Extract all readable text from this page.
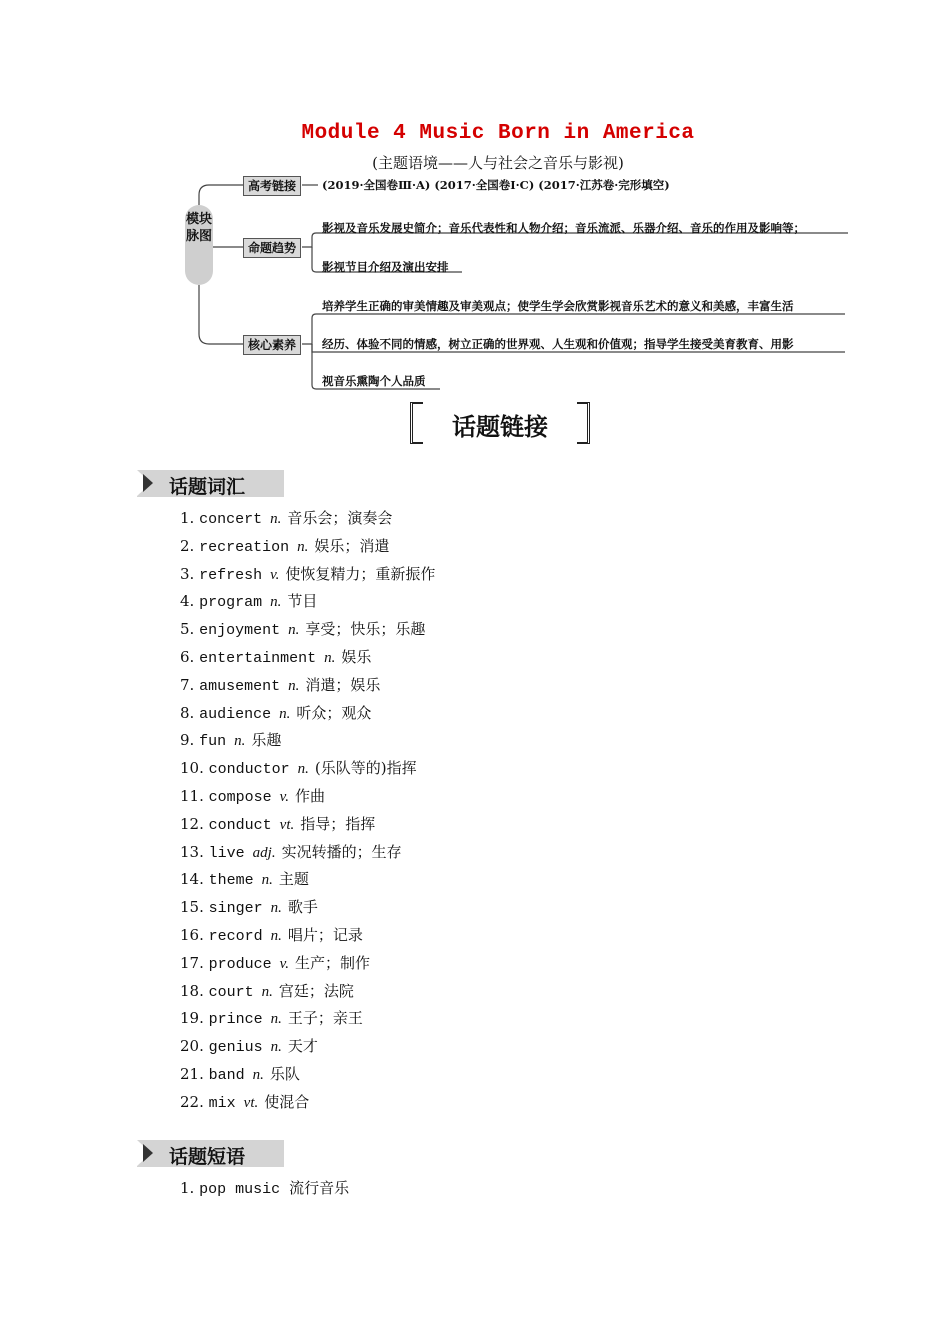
Module 4 Music Born in America
(主题语境——人与社会之音乐与影视)
模块脉图
高考链接	(2019·全国卷Ⅲ·A) (2017·全国卷Ⅰ·C) (2017·江苏卷·完形填空)
命题趋势
影视及音乐发展史简介；音乐代表性和人物介绍；音乐流派、乐器介绍、音乐的作用及影响等；
影视节目介绍及演出安排
核心素养
培养学生正确的审美情趣及审美观点；使学生学会欣赏影视音乐艺术的意义和美感，丰富生活
经历、体验不同的情感，树立正确的世界观、人生观和价值观；指导学生接受美育教育、用影
视音乐熏陶个人品质
话题链接
话题词汇
1. concert n. 音乐会；演奏会
2. recreation n. 娱乐；消遣
3. refresh v. 使恢复精力；重新振作
4. program n. 节目
5. enjoyment n. 享受；快乐；乐趣
6. entertainment n. 娱乐
7. amusement n. 消遣；娱乐
8. audience n. 听众；观众
9. fun n. 乐趣
10. conductor n. (乐队等的)指挥
11. compose v. 作曲
12. conduct vt. 指导；指挥
13. live adj. 实况转播的；生存
14. theme n. 主题
15. singer n. 歌手
16. record n. 唱片；记录
17. produce v. 生产；制作
18. court n. 宫廷；法院
19. prince n. 王子；亲王
20. genius n. 天才
21. band n. 乐队
22. mix vt. 使混合
话题短语
1. pop music 流行音乐
